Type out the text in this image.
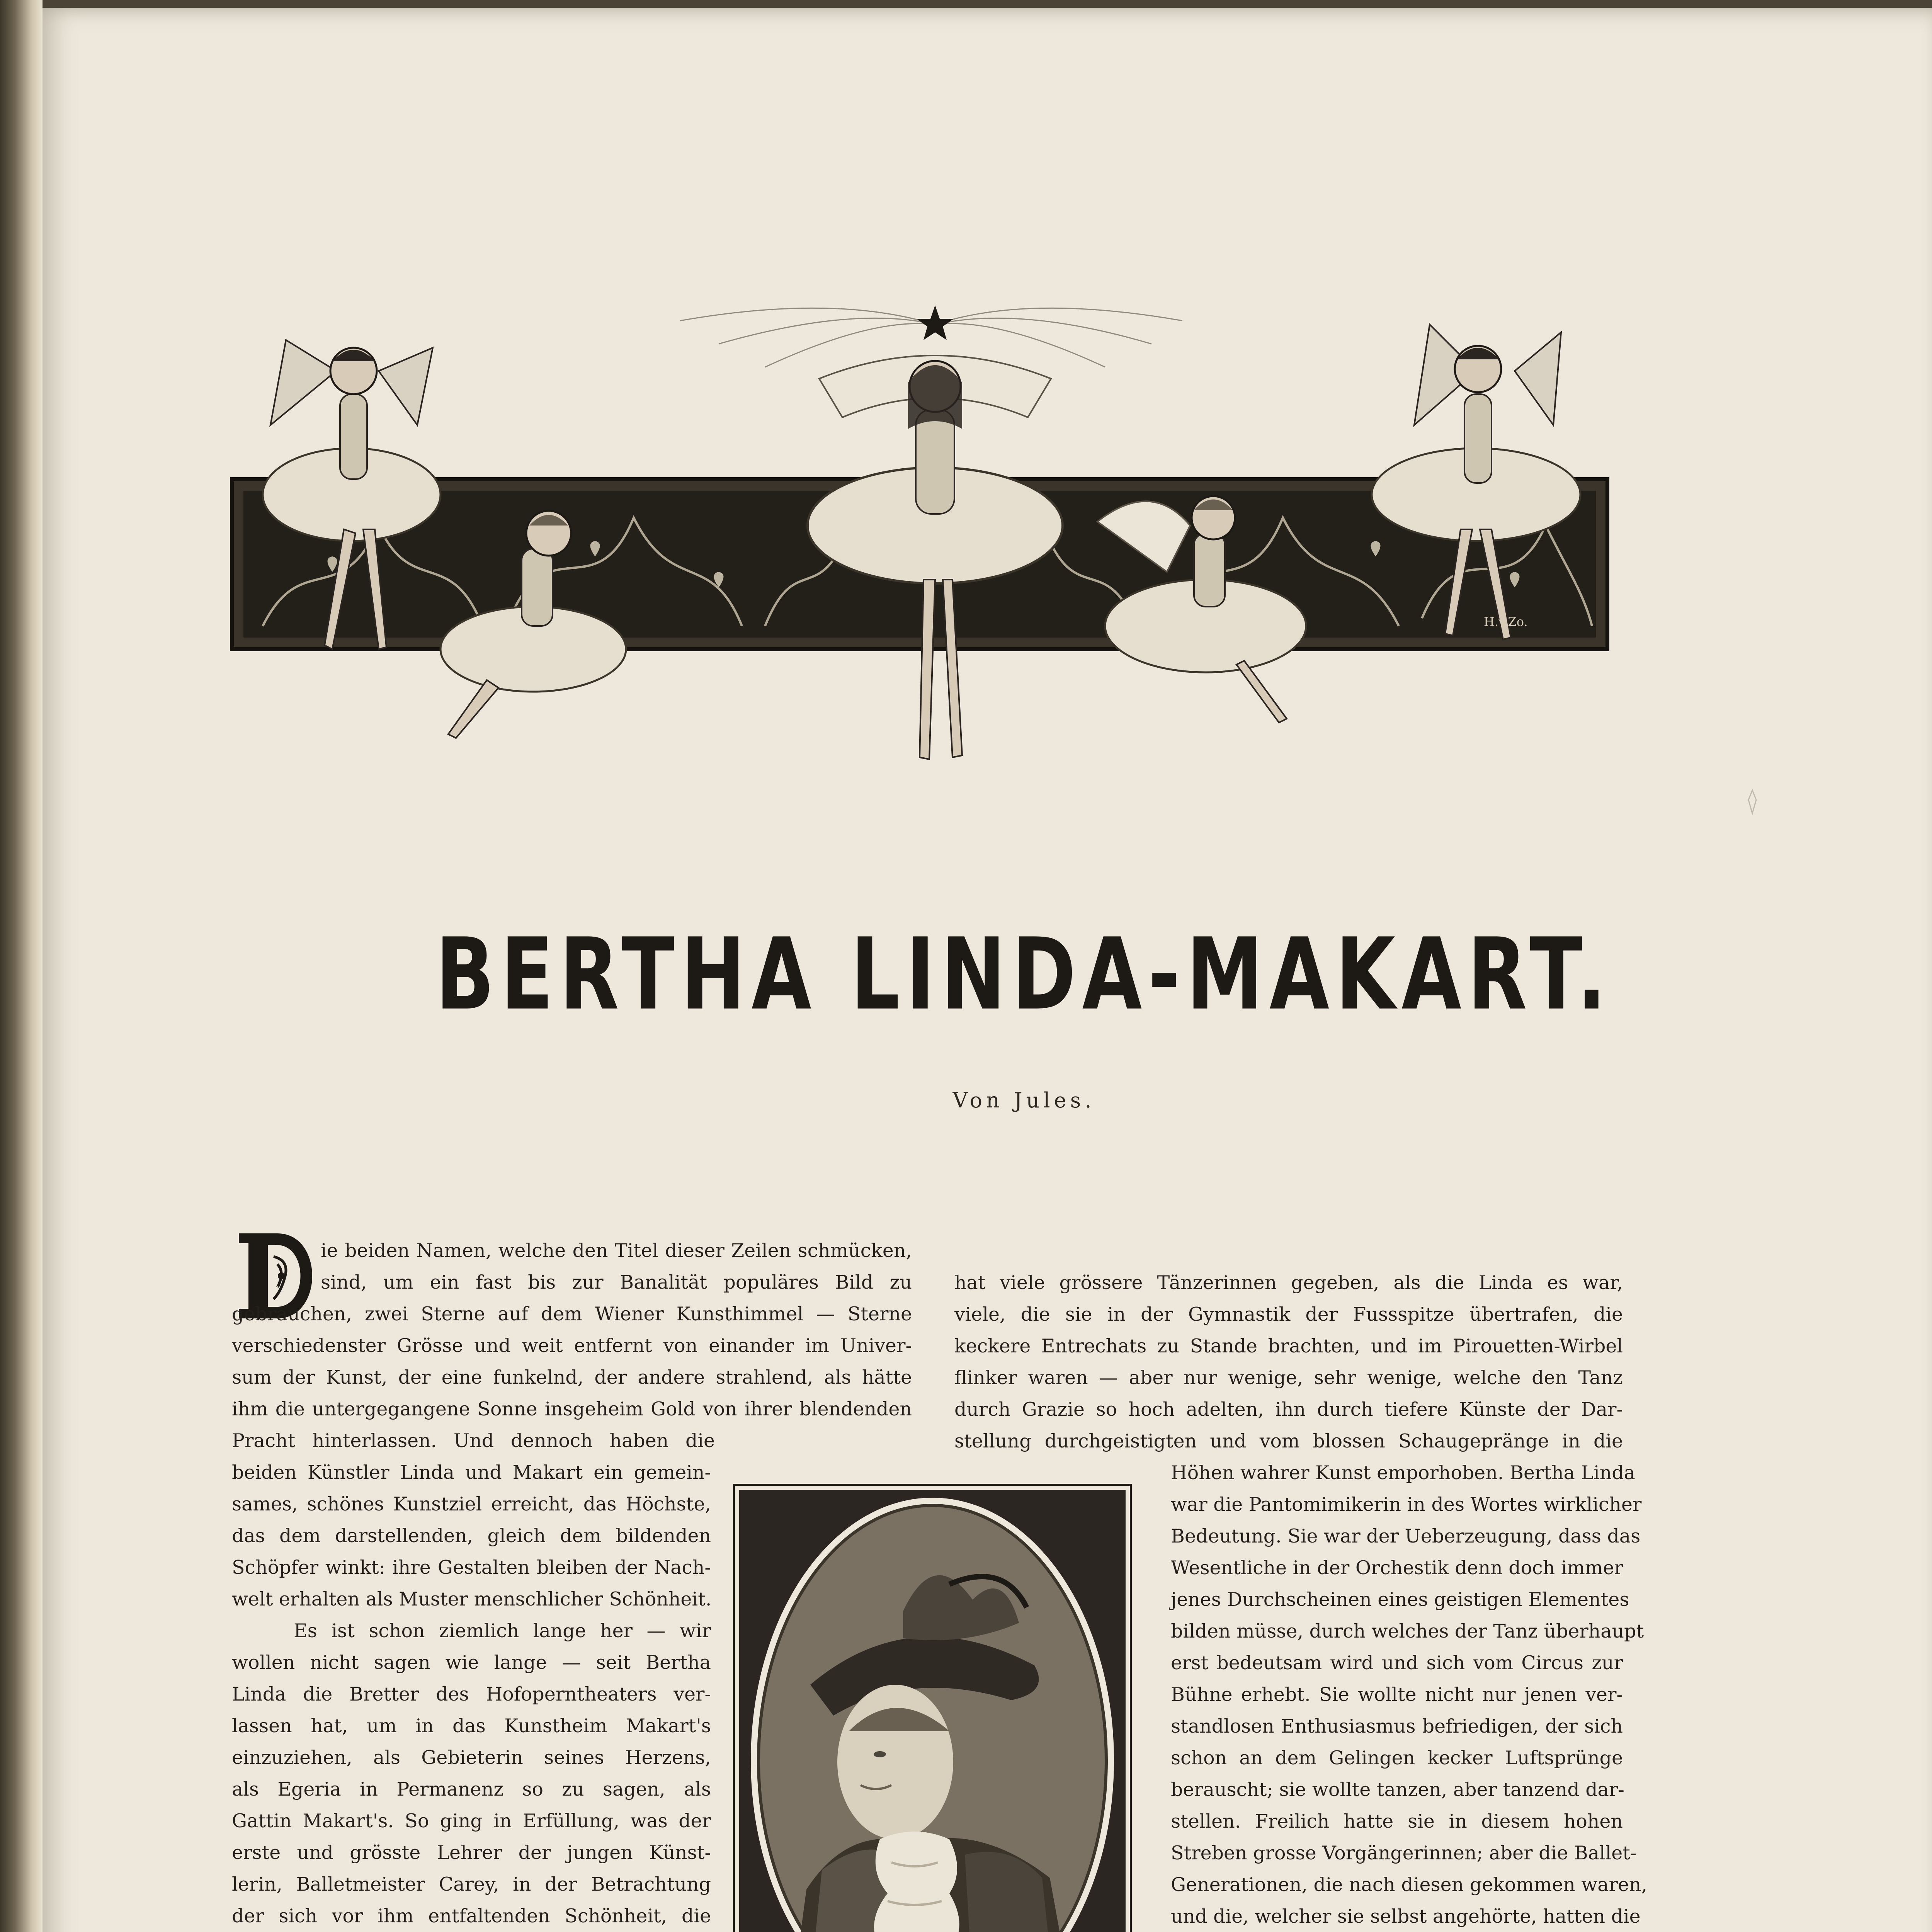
H.v.Zo.
BERTHA LINDA-MAKART.
Von Jules.
D
ie beiden Namen, welche den Titel dieser Zeilen schmücken,
sind, um ein fast bis zur Banalität populäres Bild zu
gebrauchen, zwei Sterne auf dem Wiener Kunsthimmel — Sterne
verschiedenster Grösse und weit entfernt von einander im Univer-
sum der Kunst, der eine funkelnd, der andere strahlend, als hätte
ihm die untergegangene Sonne insgeheim Gold von ihrer blendenden
Pracht hinterlassen. Und dennoch haben die
beiden Künstler Linda und Makart ein gemein-
sames, schönes Kunstziel erreicht, das Höchste,
das dem darstellenden, gleich dem bildenden
Schöpfer winkt: ihre Gestalten bleiben der Nach-
welt erhalten als Muster menschlicher Schönheit.
Es ist schon ziemlich lange her — wir
wollen nicht sagen wie lange — seit Bertha
Linda die Bretter des Hofoperntheaters ver-
lassen hat, um in das Kunstheim Makart's
einzuziehen, als Gebieterin seines Herzens,
als Egeria in Permanenz so zu sagen, als
Gattin Makart's. So ging in Erfüllung, was der
erste und grösste Lehrer der jungen Künst-
lerin, Balletmeister Carey, in der Betrachtung
der sich vor ihm entfaltenden Schönheit, die
hat viele grössere Tänzerinnen gegeben, als die Linda es war,
viele, die sie in der Gymnastik der Fussspitze übertrafen, die
keckere Entrechats zu Stande brachten, und im Pirouetten-Wirbel
flinker waren — aber nur wenige, sehr wenige, welche den Tanz
durch Grazie so hoch adelten, ihn durch tiefere Künste der Dar-
stellung durchgeistigten und vom blossen Schaugepränge in die
Höhen wahrer Kunst emporhoben. Bertha Linda
war die Pantomimikerin in des Wortes wirklicher
Bedeutung. Sie war der Ueberzeugung, dass das
Wesentliche in der Orchestik denn doch immer
jenes Durchscheinen eines geistigen Elementes
bilden müsse, durch welches der Tanz überhaupt
erst bedeutsam wird und sich vom Circus zur
Bühne erhebt. Sie wollte nicht nur jenen ver-
standlosen Enthusiasmus befriedigen, der sich
schon an dem Gelingen kecker Luftsprünge
berauscht; sie wollte tanzen, aber tanzend dar-
stellen. Freilich hatte sie in diesem hohen
Streben grosse Vorgängerinnen; aber die Ballet-
Generationen, die nach diesen gekommen waren,
und die, welcher sie selbst angehörte, hatten die
